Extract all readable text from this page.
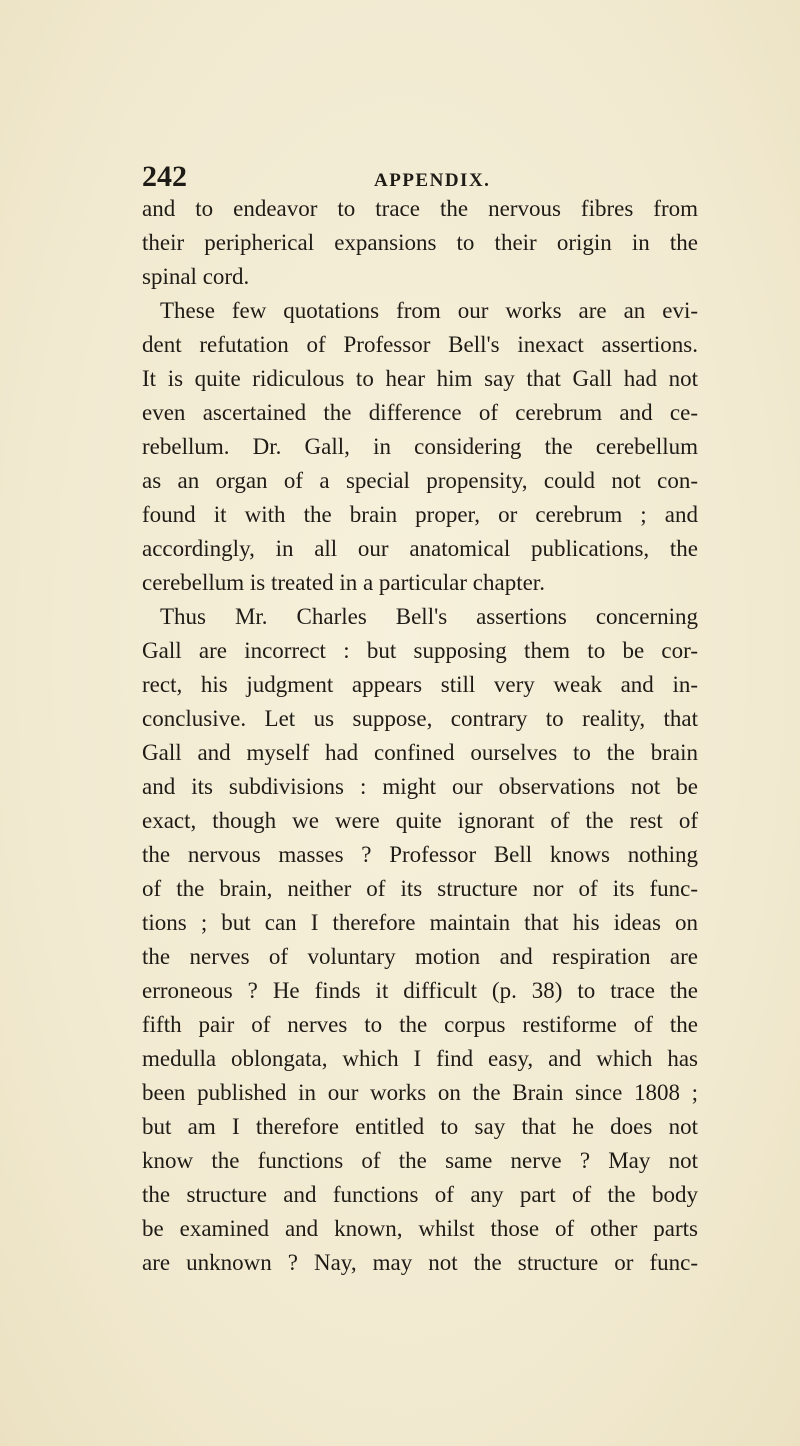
242	APPENDIX.
and to endeavor to trace the nervous fibres from
their peripherical expansions to their origin in the
spinal cord.
These few quotations from our works are an evi-
dent refutation of Professor Bell's inexact assertions.
It is quite ridiculous to hear him say that Gall had not
even ascertained the difference of cerebrum and ce-
rebellum. Dr. Gall, in considering the cerebellum
as an organ of a special propensity, could not con-
found it with the brain proper, or cerebrum ; and
accordingly, in all our anatomical publications, the
cerebellum is treated in a particular chapter.
Thus Mr. Charles Bell's assertions concerning
Gall are incorrect : but supposing them to be cor-
rect, his judgment appears still very weak and in-
conclusive. Let us suppose, contrary to reality, that
Gall and myself had confined ourselves to the brain
and its subdivisions : might our observations not be
exact, though we were quite ignorant of the rest of
the nervous masses ? Professor Bell knows nothing
of the brain, neither of its structure nor of its func-
tions ; but can I therefore maintain that his ideas on
the nerves of voluntary motion and respiration are
erroneous ? He finds it difficult (p. 38) to trace the
fifth pair of nerves to the corpus restiforme of the
medulla oblongata, which I find easy, and which has
been published in our works on the Brain since 1808 ;
but am I therefore entitled to say that he does not
know the functions of the same nerve ? May not
the structure and functions of any part of the body
be examined and known, whilst those of other parts
are unknown ? Nay, may not the structure or func-
